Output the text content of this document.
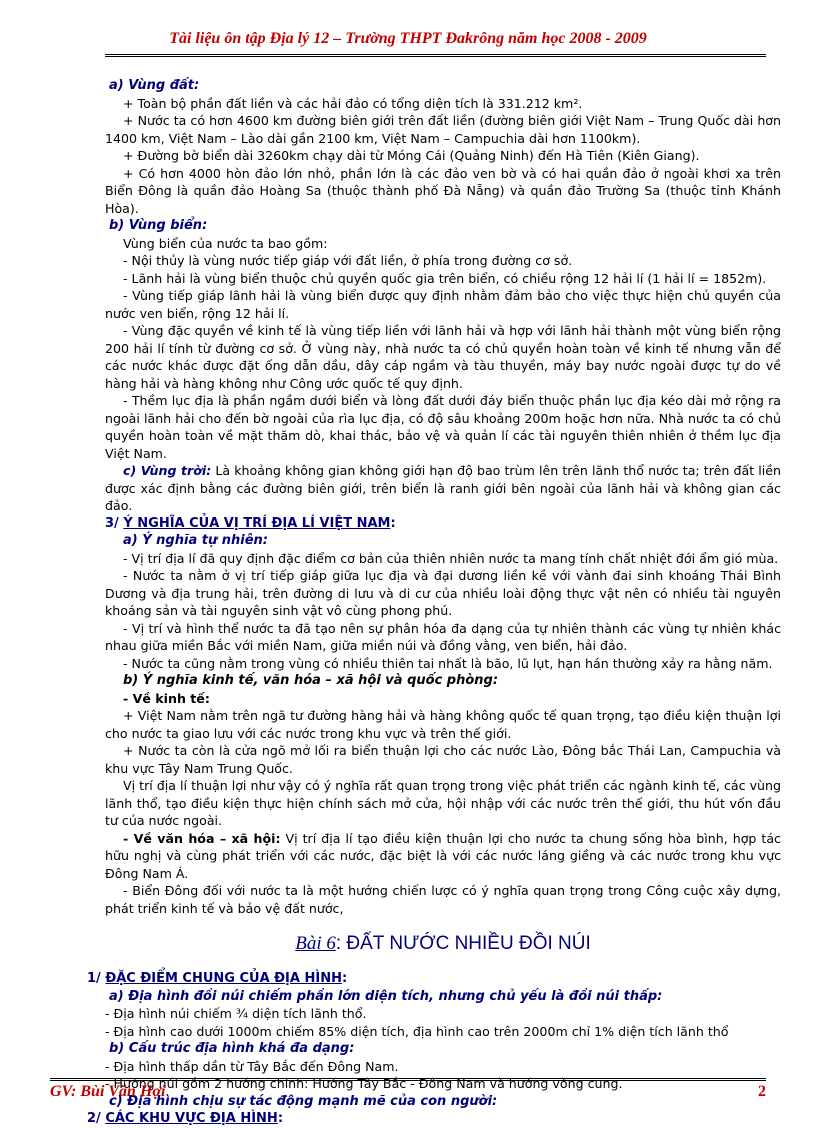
Tài liệu ôn tập Địa lý 12 – Trường THPT Đakrông năm học 2008 - 2009

a) Vùng đất:

+ Toàn bộ phần đất liền và các hải đảo có tổng diện tích là 331.212 km².

+ Nước ta có hơn 4600 km đường biên giới trên đất liền (đường biên giới Việt Nam – Trung Quốc dài hơn 1400 km, Việt Nam – Lào dài gần 2100 km, Việt Nam – Campuchia dài hơn 1100km).

+ Đường bờ biển dài 3260km chạy dài từ Móng Cái (Quảng Ninh) đến Hà Tiên (Kiên Giang).

+ Có hơn 4000 hòn đảo lớn nhỏ, phần lớn là các đảo ven bờ và có hai quần đảo ở ngoài khơi xa trên Biển Đông là quần đảo Hoàng Sa (thuộc thành phố Đà Nẵng) và quần đảo Trường Sa (thuộc tỉnh Khánh Hòa).

b) Vùng biển:

Vùng biển của nước ta bao gồm:

- Nội thủy là vùng nước tiếp giáp với đất liền, ở phía trong đường cơ sở.

- Lãnh hải là vùng biển thuộc chủ quyền quốc gia trên biển, có chiều rộng 12 hải lí (1 hải lí = 1852m).

- Vùng tiếp giáp lãnh hải là vùng biển được quy định nhằm đảm bảo cho việc thực hiện chủ quyền của nước ven biển, rộng 12 hải lí.

- Vùng đặc quyền về kinh tế là vùng tiếp liền với lãnh hải và hợp với lãnh hải thành một vùng biển rộng 200 hải lí tính từ đường cơ sở. Ở vùng này, nhà nước ta có chủ quyền hoàn toàn về kinh tế nhưng vẫn để các nước khác được đặt ống dẫn dầu, dây cáp ngầm và tàu thuyền, máy bay nước ngoài được tự do về hàng hải và hàng không như Công ước quốc tế quy định.

- Thềm lục địa là phần ngầm dưới biển và lòng đất dưới đáy biển thuộc phần lục địa kéo dài mở rộng ra ngoài lãnh hải cho đến bờ ngoài của rìa lục địa, có độ sâu khoảng 200m hoặc hơn nữa. Nhà nước ta có chủ quyền hoàn toàn về mặt thăm dò, khai thác, bảo vệ và quản lí các tài nguyên thiên nhiên ở thềm lục địa Việt Nam.

c) Vùng trời: Là khoảng không gian không giới hạn độ bao trùm lên trên lãnh thổ nước ta; trên đất liền được xác định bằng các đường biên giới, trên biển là ranh giới bên ngoài của lãnh hải và không gian các đảo.

3/ Ý NGHĨA CỦA VỊ TRÍ ĐỊA LÍ VIỆT NAM:

a) Ý nghĩa tự nhiên:

- Vị trí địa lí đã quy định đặc điểm cơ bản của thiên nhiên nước ta mang tính chất nhiệt đới ẩm gió mùa.

- Nước ta nằm ở vị trí tiếp giáp giữa lục địa và đại dương liền kề với vành đai sinh khoáng Thái Bình Dương và địa trung hải, trên đường di lưu và di cư của nhiều loài động thực vật nên có nhiều tài nguyên khoáng sản và tài nguyên sinh vật vô cùng phong phú.

- Vị trí và hình thể nước ta đã tạo nên sự phân hóa đa dạng của tự nhiên thành các vùng tự nhiên khác nhau giữa miền Bắc với miền Nam, giữa miền núi và đồng vằng, ven biển, hải đảo.

- Nước ta cũng nằm trong vùng có nhiều thiên tai nhất là bão, lũ lụt, hạn hán thường xảy ra hằng năm.

b) Ý nghĩa kinh tế, văn hóa – xã hội và quốc phòng:

- Về kinh tế:

+ Việt Nam nằm trên ngã tư đường hàng hải và hàng không quốc tế quan trọng, tạo điều kiện thuận lợi cho nước ta giao lưu với các nước trong khu vực và trên thế giới.

+ Nước ta còn là cửa ngõ mở lối ra biển thuận lợi cho các nước Lào, Đông bắc Thái Lan, Campuchia và khu vực Tây Nam Trung Quốc.

Vị trí địa lí thuận lợi như vậy có ý nghĩa rất quan trọng trong việc phát triển các ngành kinh tế, các vùng lãnh thổ, tạo điều kiện thực hiện chính sách mở cửa, hội nhập với các nước trên thế giới, thu hút vốn đầu tư của nước ngoài.

- Về văn hóa – xã hội: Vị trí địa lí tạo điều kiện thuận lợi cho nước ta chung sống hòa bình, hợp tác hữu nghị và cùng phát triển với các nước, đặc biệt là với các nước láng giềng và các nước trong khu vực Đông Nam Á.

- Biển Đông đối với nước ta là một hướng chiến lược có ý nghĩa quan trọng trong Công cuộc xây dựng, phát triển kinh tế và bảo vệ đất nước,

Bài 6: ĐẤT NƯỚC NHIỀU ĐỒI NÚI

1/ ĐẶC ĐIỂM CHUNG CỦA ĐỊA HÌNH:

a) Địa hình đồi núi chiếm phần lớn diện tích, nhưng chủ yếu là đồi núi thấp:

- Địa hình núi chiếm ¾ diện tích lãnh thổ.

- Địa hình cao dưới 1000m chiếm 85% diện tích, địa hình cao trên 2000m chỉ 1% diện tích lãnh thổ

b) Cấu trúc địa hình khá đa dạng:

- Địa hình thấp dần từ Tây Bắc đến Đông Nam.

- Hướng núi gồm 2 hướng chính: Hướng Tây Bắc - Đông Nam và hướng vòng cung.

c) Địa hình chịu sự tác động mạnh mẽ của con người:

2/ CÁC KHU VỰC ĐỊA HÌNH:

GV: Bùi Văn Hợi	2
